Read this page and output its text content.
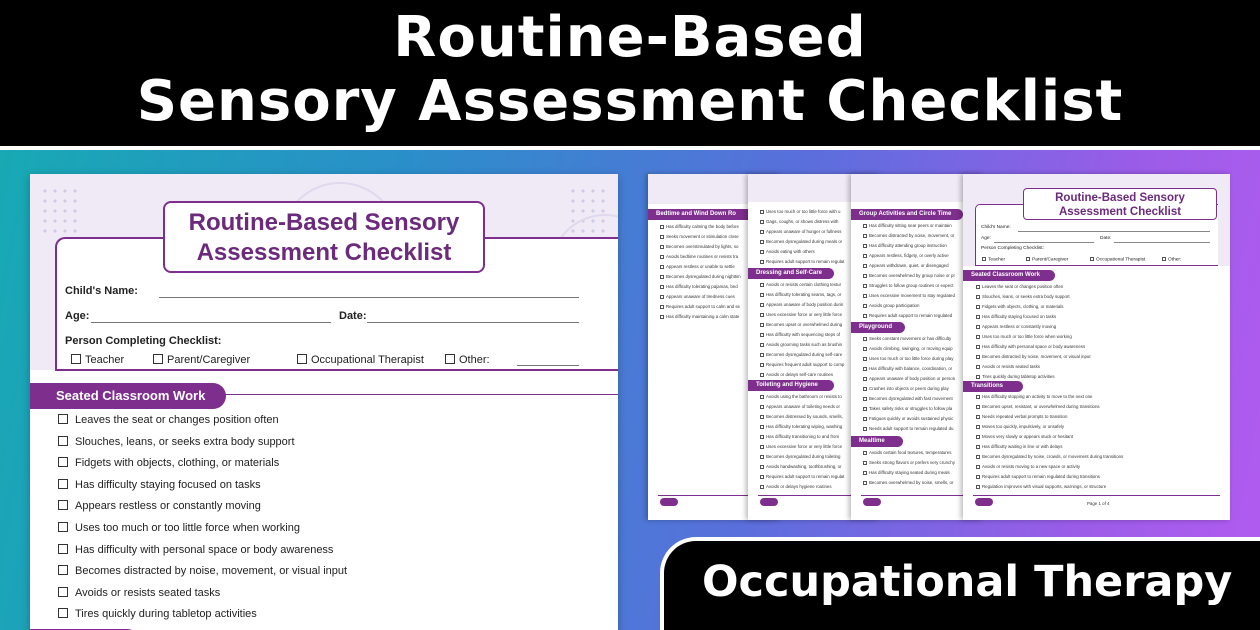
Routine-Based
Sensory Assessment Checklist
Child's Name:
Age:	Date:
Person Completing Checklist:
Teacher	Parent/Caregiver	Occupational Therapist	Other:
Routine-Based Sensory
Assessment Checklist
Seated Classroom Work
Leaves the seat or changes position often
Slouches, leans, or seeks extra body support
Fidgets with objects, clothing, or materials
Has difficulty staying focused on tasks
Appears restless or constantly moving
Uses too much or too little force when working
Has difficulty with personal space or body awareness
Becomes distracted by noise, movement, or visual input
Avoids or resists seated tasks
Tires quickly during tabletop activities
Bedtime and Wind Down Ro
Has difficulty calming the body before
Seeks movement or stimulation close
Becomes overstimulated by lights, so
Avoids bedtime routines or resists tra
Appears restless or unable to settle
Becomes dysregulated during nighttim
Has difficulty tolerating pajamas, bed
Appears unaware of tiredness cues
Requires adult support to calm and se
Has difficulty maintaining a calm state
Uses too much or too little force with u
Gags, coughs, or shows distress with
Appears unaware of hunger or fullness
Becomes dysregulated during meals or
Avoids eating with others
Requires adult support to remain regulat
Dressing and Self-Care
Avoids or resists certain clothing textur
Has difficulty tolerating seams, tags, or
Appears unaware of body position durin
Uses excessive force or very little force
Becomes upset or overwhelmed during
Has difficulty with sequencing steps of
Avoids grooming tasks such as brushin
Becomes dysregulated during self-care
Requires frequent adult support to comp
Avoids or delays self-care routines
Toileting and Hygiene
Avoids using the bathroom or resists to
Appears unaware of toileting needs or
Becomes distressed by sounds, smells,
Has difficulty tolerating wiping, washing
Has difficulty transitioning to and from
Uses excessive force or very little force
Becomes dysregulated during toileting
Avoids handwashing, toothbrushing, or
Requires adult support to remain regulat
Avoids or delays hygiene routines
Group Activities and Circle Time
Has difficulty sitting near peers or maintain
Becomes distracted by noise, movement, or
Has difficulty attending group instruction
Appears restless, fidgety, or overly active
Appears withdrawn, quiet, or disengaged
Becomes overwhelmed by group noise or pr
Struggles to follow group routines or expect
Uses excessive movement to stay regulated
Avoids group participation
Requires adult support to remain regulated
Playground
Seeks constant movement or has difficulty
Avoids climbing, swinging, or moving equip
Uses too much or too little force during play
Has difficulty with balance, coordination, or
Appears unaware of body position or person
Crashes into objects or peers during play
Becomes dysregulated with fast movement
Takes safety risks or struggles to follow pla
Fatigues quickly or avoids sustained physic
Needs adult support to remain regulated du
Mealtime
Avoids certain food textures, temperatures
Seeks strong flavors or prefers very crunchy
Has difficulty staying seated during meals
Becomes overwhelmed by noise, smells, or
Child's Name:
Age:	Date:
Person Completing Checklist:
Teacher	Parent/Caregiver	Occupational Therapist	Other:
Routine-Based Sensory
Assessment Checklist
Seated Classroom Work
Leaves the seat or changes position often
Slouches, leans, or seeks extra body support
Fidgets with objects, clothing, or materials
Has difficulty staying focused on tasks
Appears restless or constantly moving
Uses too much or too little force when working
Has difficulty with personal space or body awareness
Becomes distracted by noise, movement, or visual input
Avoids or resists seated tasks
Tires quickly during tabletop activities
Transitions
Has difficulty stopping an activity to move to the next one
Becomes upset, resistant, or overwhelmed during transitions
Needs repeated verbal prompts to transition
Moves too quickly, impulsively, or unsafely
Moves very slowly or appears stuck or hesitant
Has difficulty waiting in line or with delays
Becomes dysregulated by noise, crowds, or movement during transitions
Avoids or resists moving to a new space or activity
Requires adult support to remain regulated during transitions
Regulation improves with visual supports, warnings, or structure
Page 1 of 4
Occupational Therapy
